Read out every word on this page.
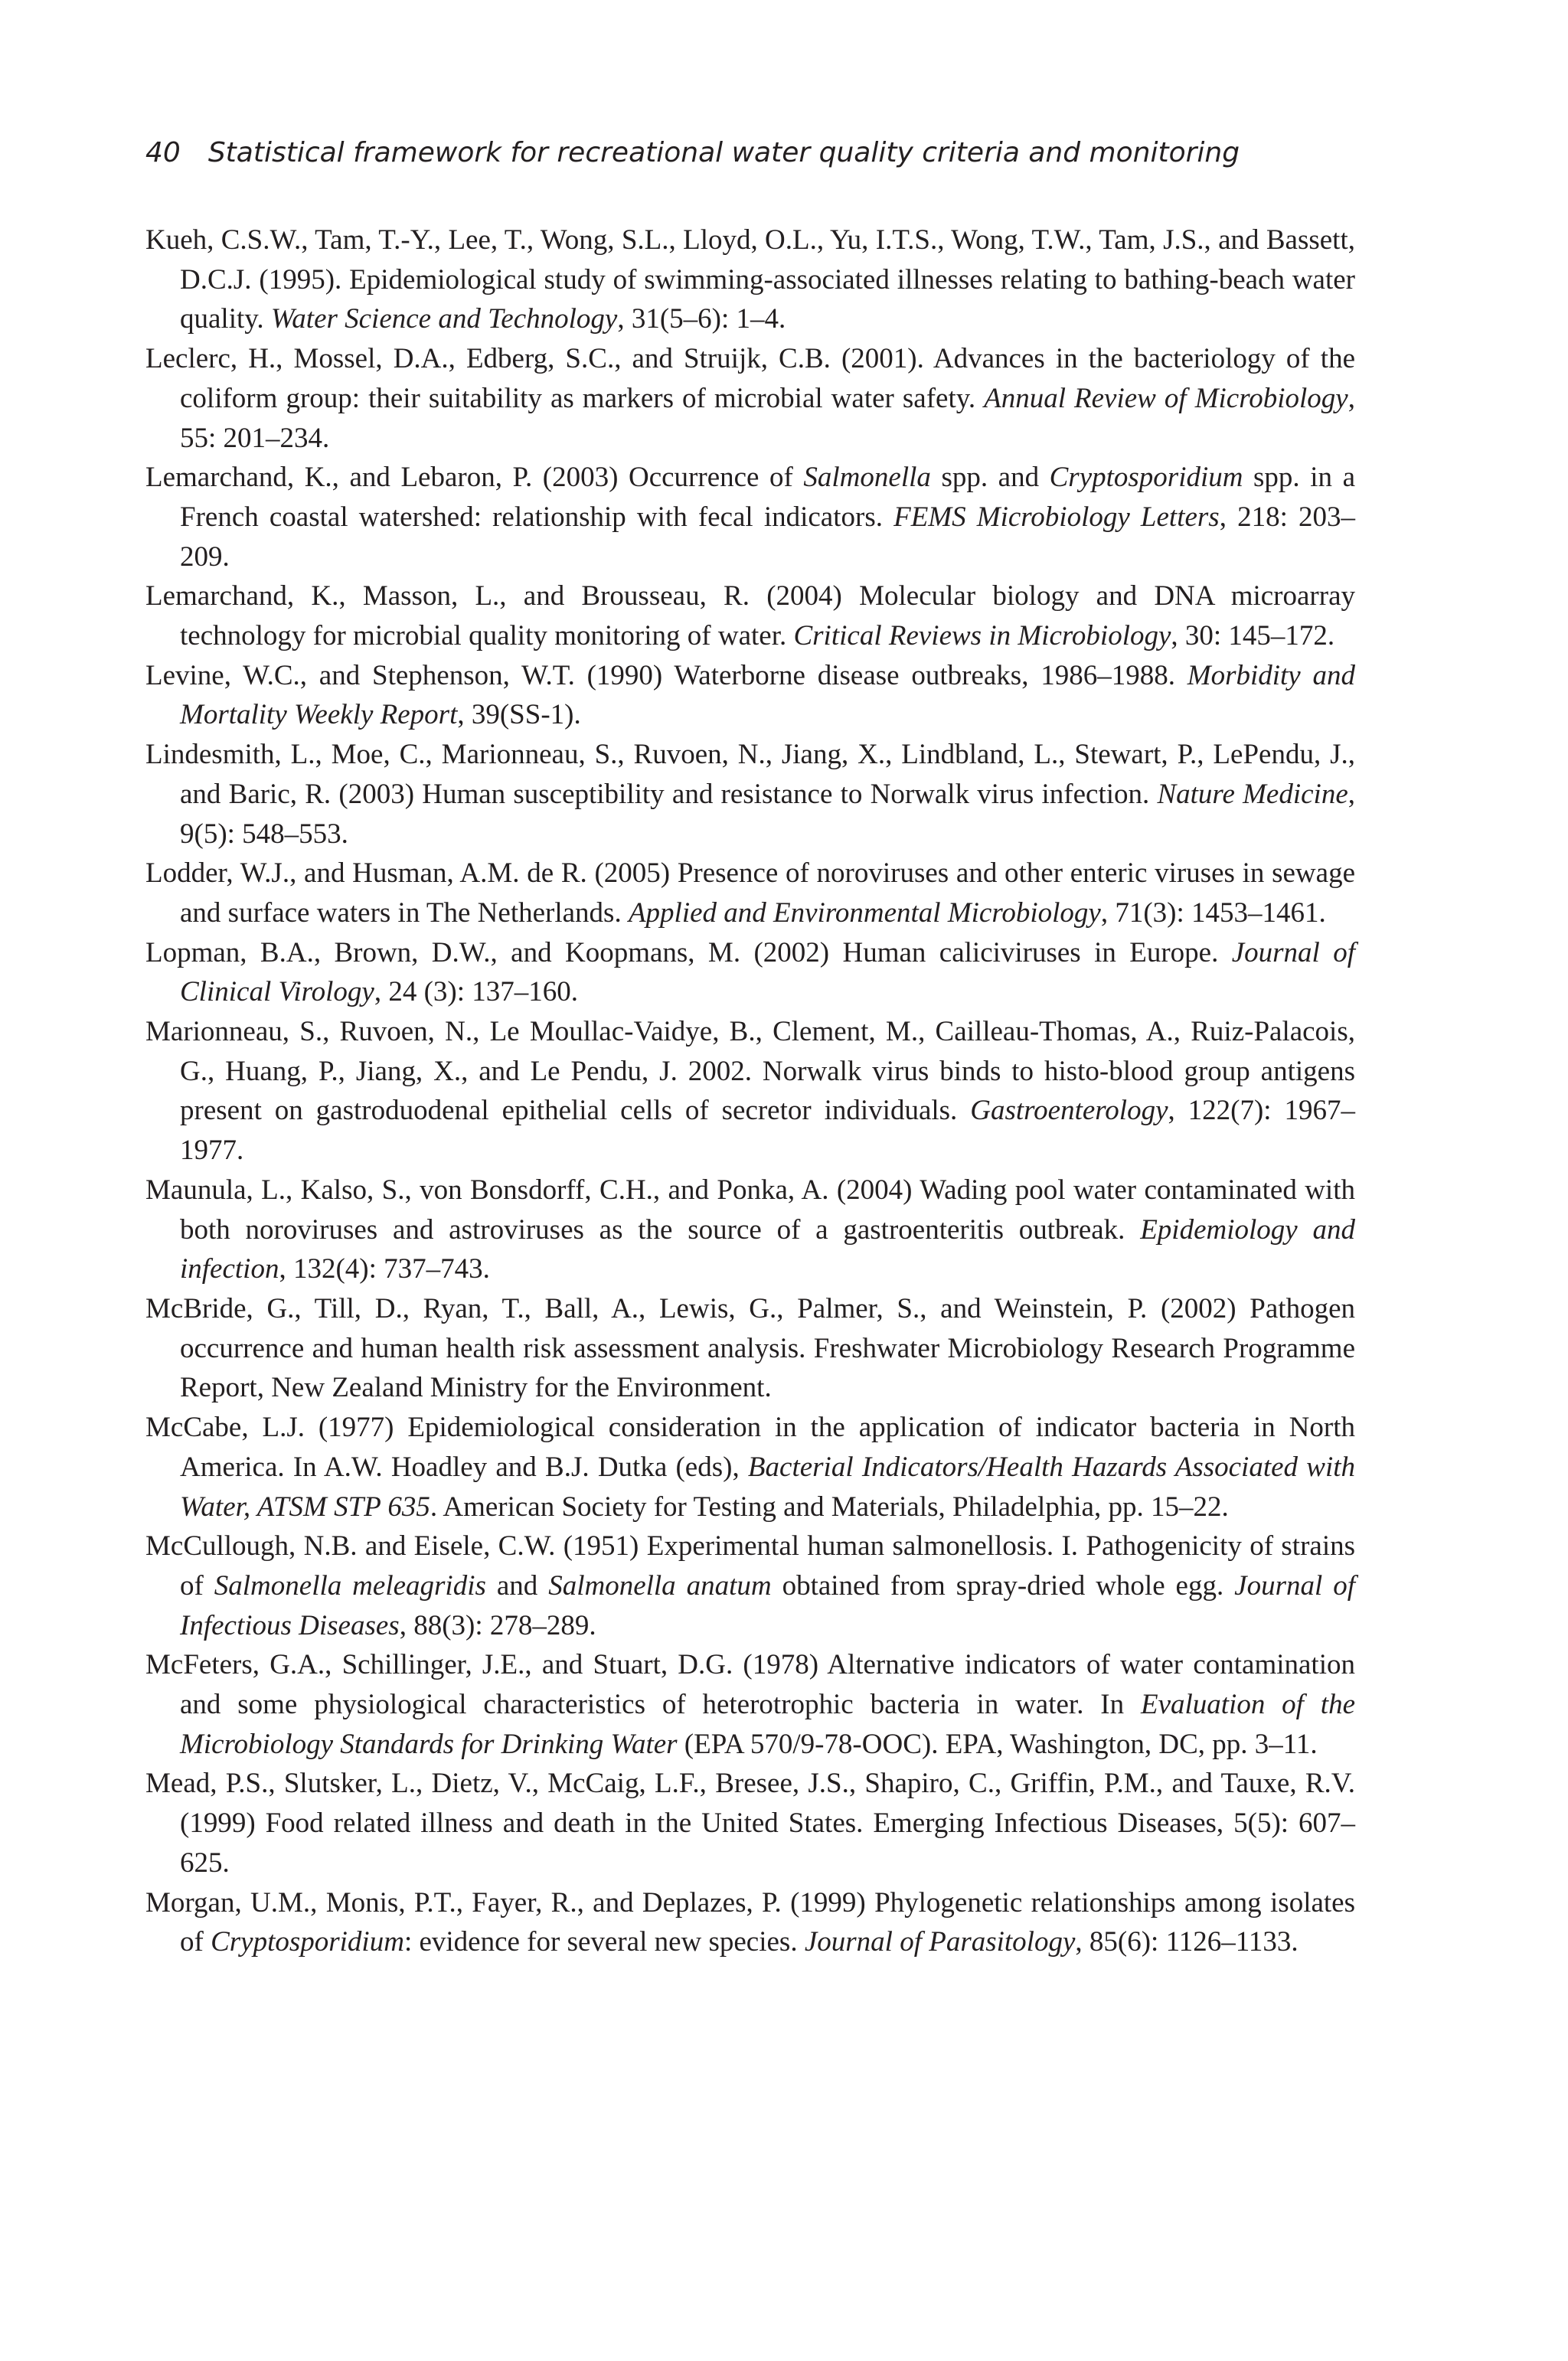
40 Statistical framework for recreational water quality criteria and monitoring

Kueh, C.S.W., Tam, T.-Y., Lee, T., Wong, S.L., Lloyd, O.L., Yu, I.T.S., Wong, T.W., Tam, J.S., and Bassett, D.C.J. (1995). Epidemiological study of swimming-associated illnesses relating to bathing-beach water quality. Water Science and Technology, 31(5–6): 1–4.

Leclerc, H., Mossel, D.A., Edberg, S.C., and Struijk, C.B. (2001). Advances in the bacteriology of the coliform group: their suitability as markers of microbial water safety. Annual Review of Microbiology, 55: 201–234.

Lemarchand, K., and Lebaron, P. (2003) Occurrence of Salmonella spp. and Cryptosporidium spp. in a French coastal watershed: relationship with fecal indicators. FEMS Microbiology Letters, 218: 203–209.

Lemarchand, K., Masson, L., and Brousseau, R. (2004) Molecular biology and DNA microarray technology for microbial quality monitoring of water. Critical Reviews in Microbiology, 30: 145–172.

Levine, W.C., and Stephenson, W.T. (1990) Waterborne disease outbreaks, 1986–1988. Morbidity and Mortality Weekly Report, 39(SS-1).

Lindesmith, L., Moe, C., Marionneau, S., Ruvoen, N., Jiang, X., Lindbland, L., Stewart, P., LePendu, J., and Baric, R. (2003) Human susceptibility and resistance to Norwalk virus infection. Nature Medicine, 9(5): 548–553.

Lodder, W.J., and Husman, A.M. de R. (2005) Presence of noroviruses and other enteric viruses in sewage and surface waters in The Netherlands. Applied and Environmental Microbiology, 71(3): 1453–1461.

Lopman, B.A., Brown, D.W., and Koopmans, M. (2002) Human caliciviruses in Europe. Journal of Clinical Virology, 24 (3): 137–160.

Marionneau, S., Ruvoen, N., Le Moullac-Vaidye, B., Clement, M., Cailleau-Thomas, A., Ruiz-Palacois, G., Huang, P., Jiang, X., and Le Pendu, J. 2002. Norwalk virus binds to histo-blood group antigens present on gastroduodenal epithelial cells of secretor individuals. Gastroenterology, 122(7): 1967–1977.

Maunula, L., Kalso, S., von Bonsdorff, C.H., and Ponka, A. (2004) Wading pool water contaminated with both noroviruses and astroviruses as the source of a gastroenteritis outbreak. Epidemiology and infection, 132(4): 737–743.

McBride, G., Till, D., Ryan, T., Ball, A., Lewis, G., Palmer, S., and Weinstein, P. (2002) Pathogen occurrence and human health risk assessment analysis. Freshwater Microbiology Research Programme Report, New Zealand Ministry for the Environment.

McCabe, L.J. (1977) Epidemiological consideration in the application of indicator bacteria in North America. In A.W. Hoadley and B.J. Dutka (eds), Bacterial Indicators/Health Hazards Associated with Water, ATSM STP 635. American Society for Testing and Materials, Philadelphia, pp. 15–22.

McCullough, N.B. and Eisele, C.W. (1951) Experimental human salmonellosis. I. Pathogenicity of strains of Salmonella meleagridis and Salmonella anatum obtained from spray-dried whole egg. Journal of Infectious Diseases, 88(3): 278–289.

McFeters, G.A., Schillinger, J.E., and Stuart, D.G. (1978) Alternative indicators of water contamination and some physiological characteristics of heterotrophic bacteria in water. In Evaluation of the Microbiology Standards for Drinking Water (EPA 570/9-78-OOC). EPA, Washington, DC, pp. 3–11.

Mead, P.S., Slutsker, L., Dietz, V., McCaig, L.F., Bresee, J.S., Shapiro, C., Griffin, P.M., and Tauxe, R.V. (1999) Food related illness and death in the United States. Emerging Infectious Diseases, 5(5): 607–625.

Morgan, U.M., Monis, P.T., Fayer, R., and Deplazes, P. (1999) Phylogenetic relationships among isolates of Cryptosporidium: evidence for several new species. Journal of Parasitology, 85(6): 1126–1133.
